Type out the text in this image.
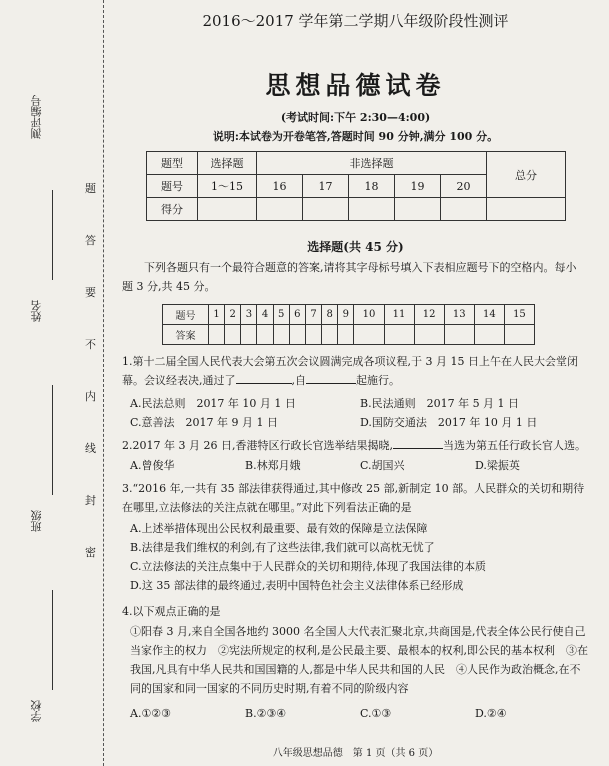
测评编号
姓名
班级
学校
题
答
要
不
内
线
封
密
2016～2017 学年第二学期八年级阶段性测评
思想品德试卷
(考试时间:下午 2:30—4:00)
说明:本试卷为开卷笔答,答题时间 90 分钟,满分 100 分。
题型	选择题	非选择题					总分
题号	1～15	16	17	18	19	20	
得分							
选择题(共 45 分)
下列各题只有一个最符合题意的答案,请将其字母标号填入下表相应题号下的空格内。每小题 3 分,共 45 分。
题号	1	2	3	4	5	6	7	8	9	10	11	12	13	14	15
答案															
1.第十二届全国人民代表大会第五次会议圆满完成各项议程,于 3 月 15 日上午在人民大会堂闭幕。会议经表决,通过了	,自	起施行。
A.民法总则　2017 年 10 月 1 日	B.民法通则　2017 年 5 月 1 日
C.意善法　2017 年 9 月 1 日	D.国防交通法　2017 年 10 月 1 日
2.2017 年 3 月 26 日,香港特区行政长官选举结果揭晓,	当选为第五任行政长官人选。
A.曾俊华	B.林郑月娥	C.胡国兴	D.梁振英
3.“2016 年,一共有 35 部法律获得通过,其中修改 25 部,新制定 10 部。人民群众的关切和期待在哪里,立法修法的关注点就在哪里。”对此下列看法正确的是
A.上述举措体现出公民权利最重要、最有效的保障是立法保障
B.法律是我们维权的利剑,有了这些法律,我们就可以高枕无忧了
C.立法修法的关注点集中于人民群众的关切和期待,体现了我国法律的本质
D.这 35 部法律的最终通过,表明中国特色社会主义法律体系已经形成
4.以下观点正确的是
①阳春 3 月,来自全国各地约 3000 名全国人大代表汇聚北京,共商国是,代表全体公民行使自己当家作主的权力　②宪法所规定的权利,是公民最主要、最根本的权利,即公民的基本权利　③在我国,凡具有中华人民共和国国籍的人,都是中华人民共和国的人民　④人民作为政治概念,在不同的国家和同一国家的不同历史时期,有着不同的阶级内容
A.①②③	B.②③④	C.①③	D.②④
八年级思想品德　第 1 页（共 6 页）
